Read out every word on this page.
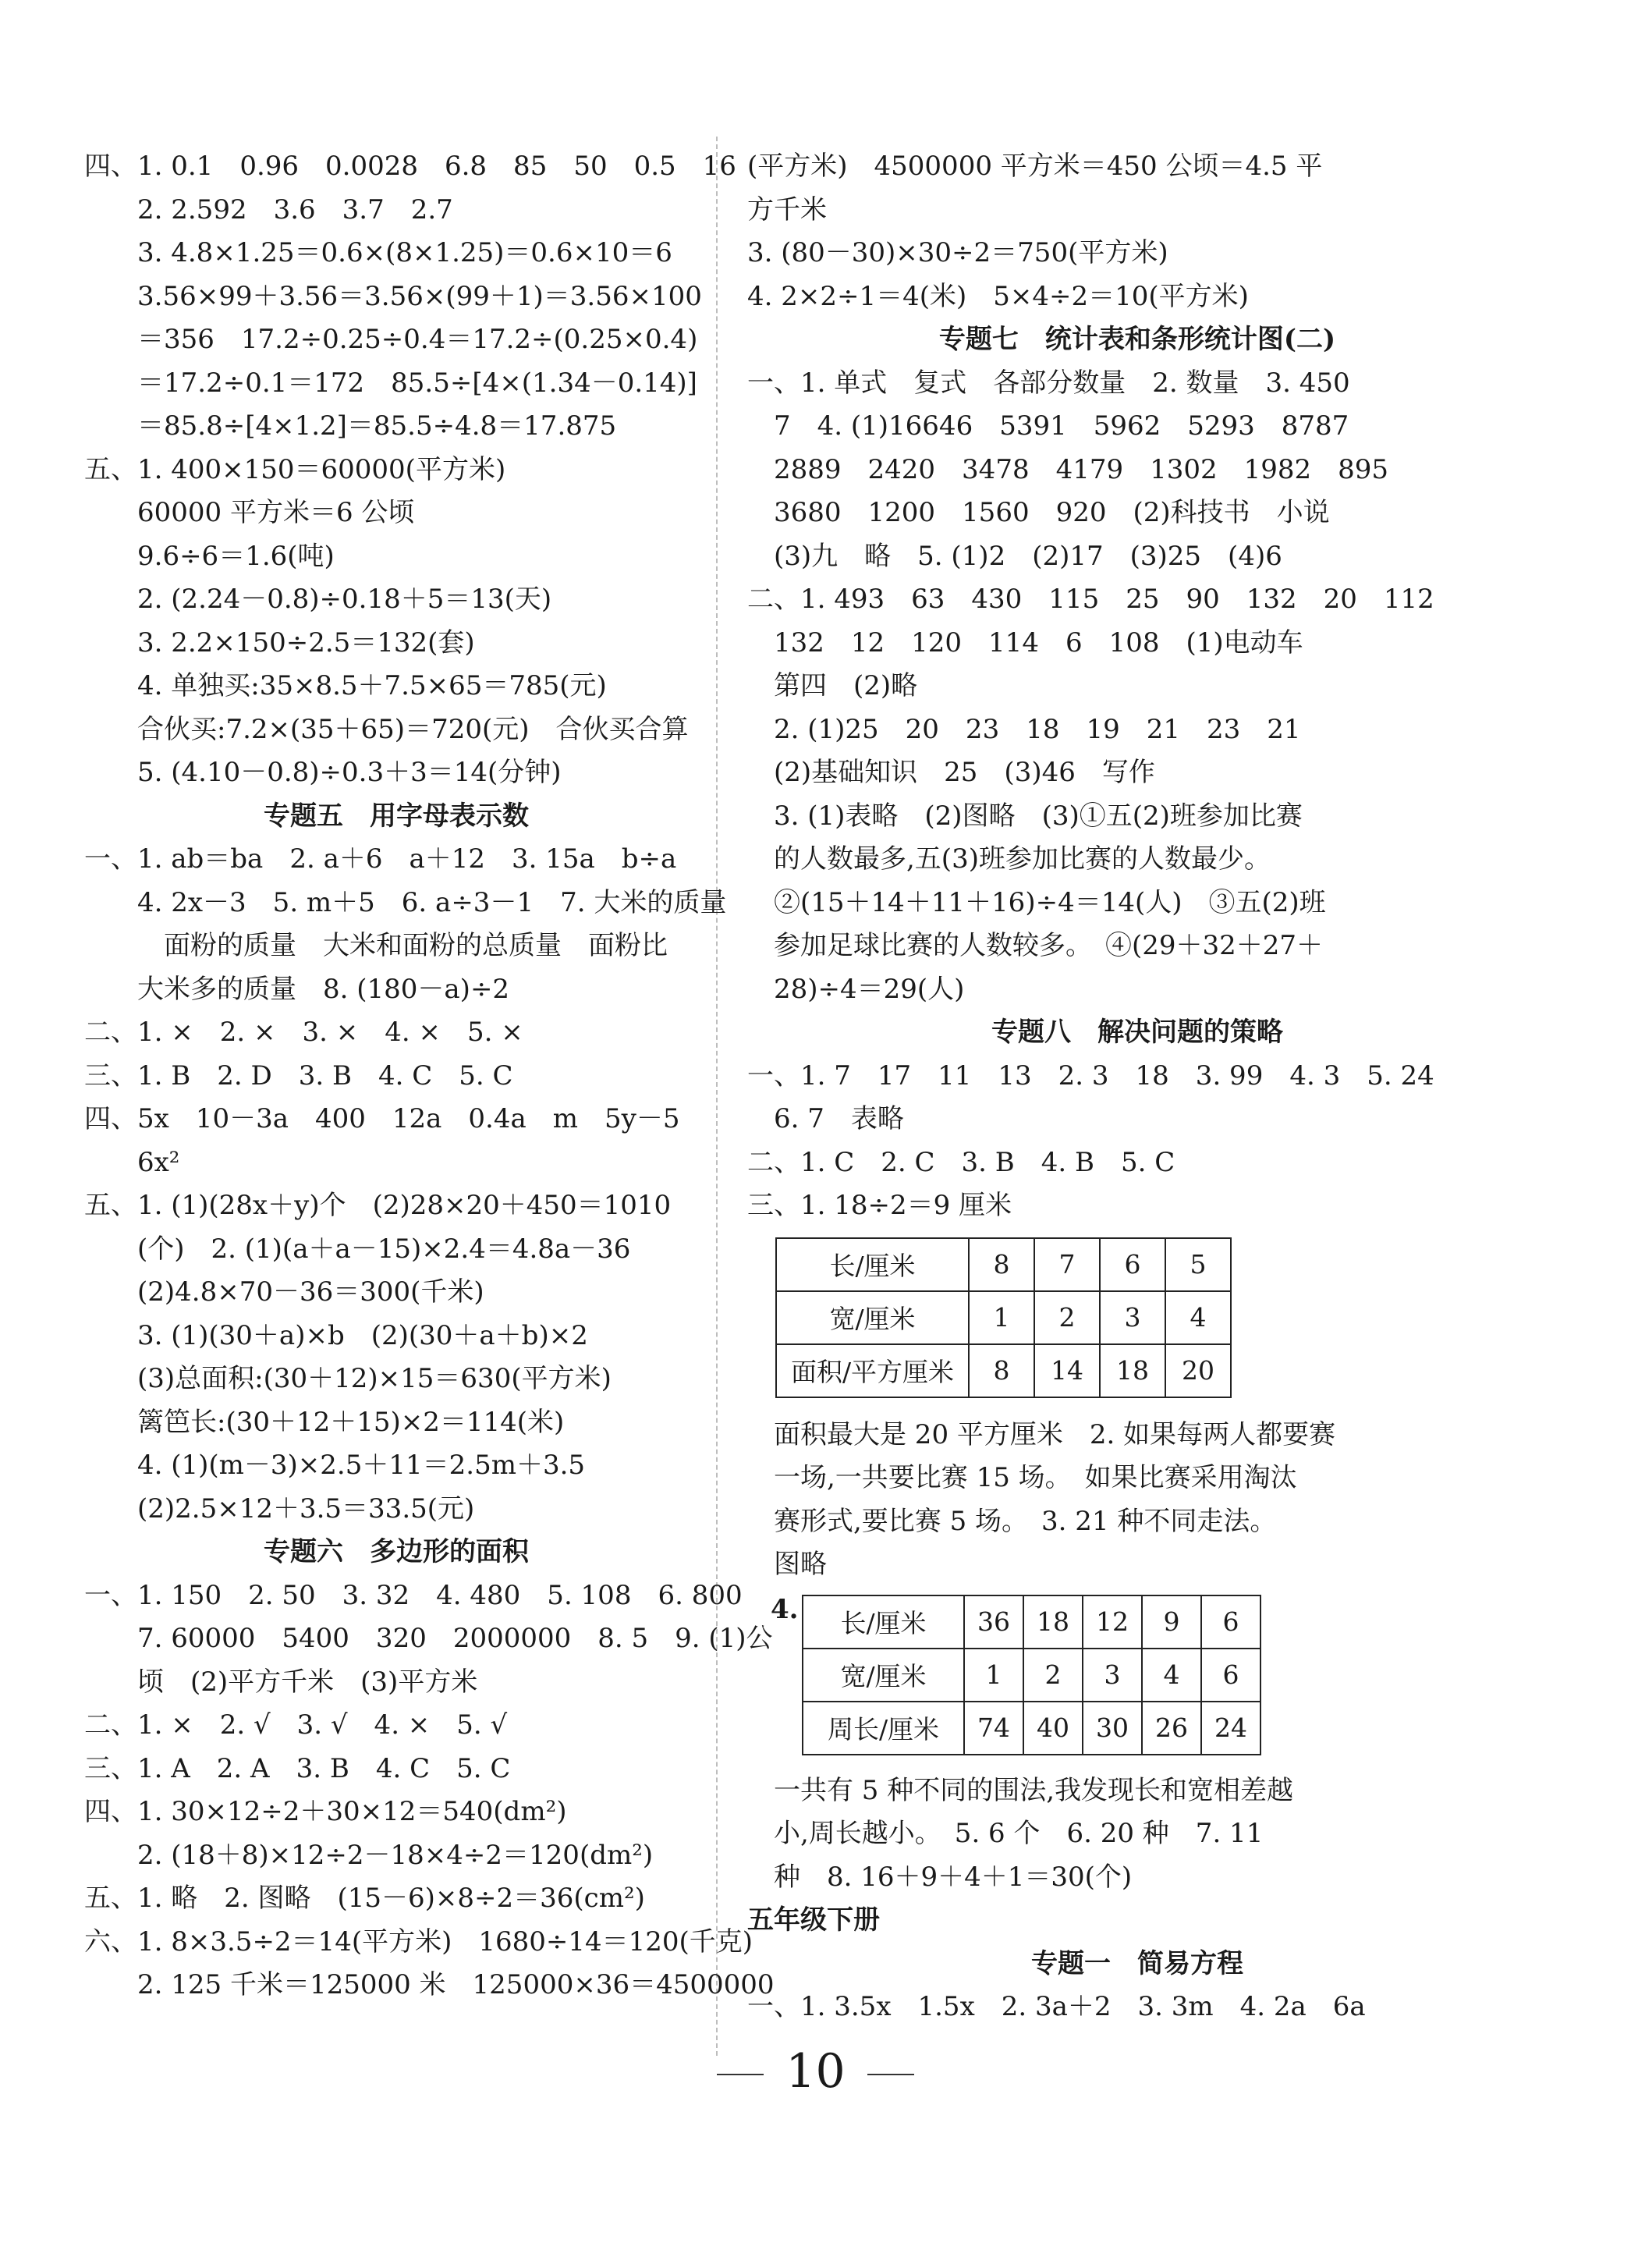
四、1. 0.1　0.96　0.0028　6.8　85　50　0.5　16
　　2. 2.592　3.6　3.7　2.7
　　3. 4.8×1.25＝0.6×(8×1.25)＝0.6×10＝6
　　3.56×99＋3.56＝3.56×(99＋1)＝3.56×100
　　＝356　17.2÷0.25÷0.4＝17.2÷(0.25×0.4)
　　＝17.2÷0.1＝172　85.5÷[4×(1.34－0.14)]
　　＝85.8÷[4×1.2]＝85.5÷4.8＝17.875
五、1. 400×150＝60000(平方米)
　　60000 平方米＝6 公顷
　　9.6÷6＝1.6(吨)
　　2. (2.24－0.8)÷0.18＋5＝13(天)
　　3. 2.2×150÷2.5＝132(套)
　　4. 单独买:35×8.5＋7.5×65＝785(元)
　　合伙买:7.2×(35＋65)＝720(元)　合伙买合算
　　5. (4.10－0.8)÷0.3＋3＝14(分钟)
专题五　用字母表示数
一、1. ab＝ba　2. a＋6　a＋12　3. 15a　b÷a
　　4. 2x－3　5. m＋5　6. a÷3－1　7. 大米的质量
　　　面粉的质量　大米和面粉的总质量　面粉比
　　大米多的质量　8. (180－a)÷2
二、1. ×　2. ×　3. ×　4. ×　5. ×
三、1. B　2. D　3. B　4. C　5. C
四、5x　10－3a　400　12a　0.4a　m　5y－5
　　6x²
五、1. (1)(28x＋y)个　(2)28×20＋450＝1010
　　(个)　2. (1)(a＋a－15)×2.4＝4.8a－36
　　(2)4.8×70－36＝300(千米)
　　3. (1)(30＋a)×b　(2)(30＋a＋b)×2
　　(3)总面积:(30＋12)×15＝630(平方米)
　　篱笆长:(30＋12＋15)×2＝114(米)
　　4. (1)(m－3)×2.5＋11＝2.5m＋3.5
　　(2)2.5×12＋3.5＝33.5(元)
专题六　多边形的面积
一、1. 150　2. 50　3. 32　4. 480　5. 108　6. 800
　　7. 60000　5400　320　2000000　8. 5　9. (1)公
　　顷　(2)平方千米　(3)平方米
二、1. ×　2. √　3. √　4. ×　5. √
三、1. A　2. A　3. B　4. C　5. C
四、1. 30×12÷2＋30×12＝540(dm²)
　　2. (18＋8)×12÷2－18×4÷2＝120(dm²)
五、1. 略　2. 图略　(15－6)×8÷2＝36(cm²)
六、1. 8×3.5÷2＝14(平方米)　1680÷14＝120(千克)
　　2. 125 千米＝125000 米　125000×36＝4500000
(平方米)　4500000 平方米＝450 公顷＝4.5 平
方千米
3. (80－30)×30÷2＝750(平方米)
4. 2×2÷1＝4(米)　5×4÷2＝10(平方米)
专题七　统计表和条形统计图(二)
一、1. 单式　复式　各部分数量　2. 数量　3. 450
　7　4. (1)16646　5391　5962　5293　8787
　2889　2420　3478　4179　1302　1982　895
　3680　1200　1560　920　(2)科技书　小说
　(3)九　略　5. (1)2　(2)17　(3)25　(4)6
二、1. 493　63　430　115　25　90　132　20　112
　132　12　120　114　6　108　(1)电动车
　第四　(2)略
　2. (1)25　20　23　18　19　21　23　21
　(2)基础知识　25　(3)46　写作
　3. (1)表略　(2)图略　(3)①五(2)班参加比赛
　的人数最多,五(3)班参加比赛的人数最少。
　②(15＋14＋11＋16)÷4＝14(人)　③五(2)班
　参加足球比赛的人数较多。　④(29＋32＋27＋
　28)÷4＝29(人)
专题八　解决问题的策略
一、1. 7　17　11　13　2. 3　18　3. 99　4. 3　5. 24
　6. 7　表略
二、1. C　2. C　3. B　4. B　5. C
三、1. 18÷2＝9 厘米
长/厘米	8	7	6	5
宽/厘米	1	2	3	4
面积/平方厘米	8	14	18	20
　面积最大是 20 平方厘米　2. 如果每两人都要赛
　一场,一共要比赛 15 场。　如果比赛采用淘汰
　赛形式,要比赛 5 场。　3. 21 种不同走法。
　图略
4. 长/厘米	36	18	12	9	6
宽/厘米	1	2	3	4	6
周长/厘米	74	40	30	26	24
　一共有 5 种不同的围法,我发现长和宽相差越
　小,周长越小。　5. 6 个　6. 20 种　7. 11
　种　8. 16＋9＋4＋1＝30(个)
五年级下册
专题一　简易方程
一、1. 3.5x　1.5x　2. 3a＋2　3. 3m　4. 2a　6a
10
